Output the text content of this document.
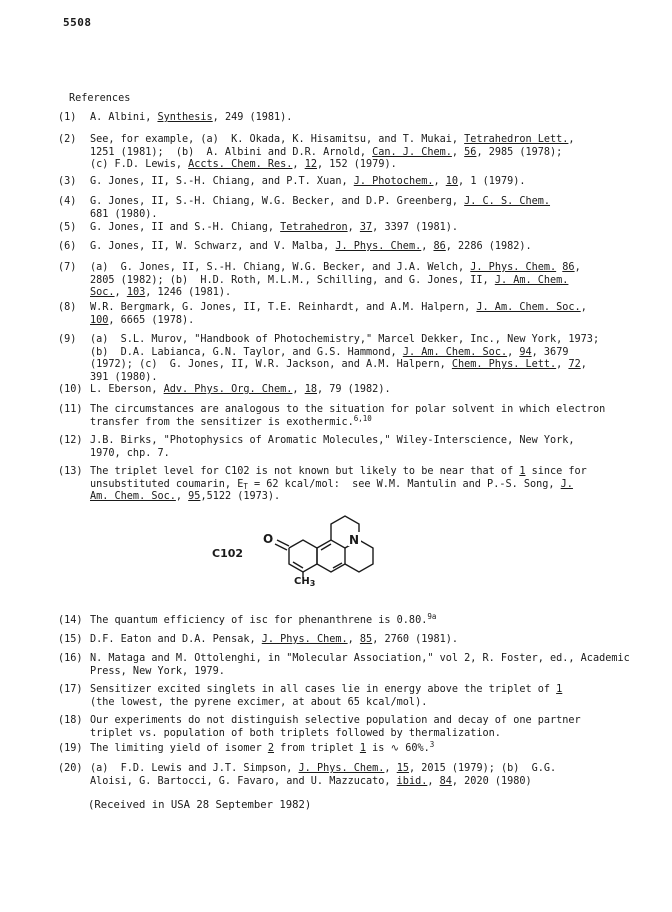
5508
References
(1)	A. Albini, Synthesis, 249 (1981).
(2)	See, for example, (a)  K. Okada, K. Hisamitsu, and T. Mukai, Tetrahedron Lett.,
1251 (1981);  (b)  A. Albini and D.R. Arnold, Can. J. Chem., 56, 2985 (1978);
(c) F.D. Lewis, Accts. Chem. Res., 12, 152 (1979).
(3)	G. Jones, II, S.-H. Chiang, and P.T. Xuan, J. Photochem., 10, 1 (1979).
(4)	G. Jones, II, S.-H. Chiang, W.G. Becker, and D.P. Greenberg, J. C. S. Chem.
681 (1980).
(5)	G. Jones, II and S.-H. Chiang, Tetrahedron, 37, 3397 (1981).
(6)	G. Jones, II, W. Schwarz, and V. Malba, J. Phys. Chem., 86, 2286 (1982).
(7)	(a)  G. Jones, II, S.-H. Chiang, W.G. Becker, and J.A. Welch, J. Phys. Chem. 86,
2805 (1982); (b)  H.D. Roth, M.L.M., Schilling, and G. Jones, II, J. Am. Chem.
Soc., 103, 1246 (1981).
(8)	W.R. Bergmark, G. Jones, II, T.E. Reinhardt, and A.M. Halpern, J. Am. Chem. Soc.,
100, 6665 (1978).
(9)	(a)  S.L. Murov, "Handbook of Photochemistry," Marcel Dekker, Inc., New York, 1973;
(b)  D.A. Labianca, G.N. Taylor, and G.S. Hammond, J. Am. Chem. Soc., 94, 3679
(1972); (c)  G. Jones, II, W.R. Jackson, and A.M. Halpern, Chem. Phys. Lett., 72,
391 (1980).
(10) L. Eberson, Adv. Phys. Org. Chem., 18, 79 (1982).
(11) The circumstances are analogous to the situation for polar solvent in which electron
transfer from the sensitizer is exothermic.$^{6,10}$
(12) J.B. Birks, "Photophysics of Aromatic Molecules," Wiley-Interscience, New York,
1970, chp. 7.
(13) The triplet level for C102 is not known but likely to be near that of 1 since for
unsubstituted coumarin, $E_T = 62$ kcal/mol:  see W.M. Mantulin and P.-S. Song, J.
Am. Chem. Soc., 95,5122 (1973).
(14) The quantum efficiency of isc for phenanthrene is 0.80.$^{9a}$
(15) D.F. Eaton and D.A. Pensak, J. Phys. Chem., 85, 2760 (1981).
(16) N. Mataga and M. Ottolenghi, in "Molecular Association," vol 2, R. Foster, ed., Academic
Press, New York, 1979.
(17) Sensitizer excited singlets in all cases lie in energy above the triplet of 1
(the lowest, the pyrene excimer, at about 65 kcal/mol).
(18) Our experiments do not distinguish selective population and decay of one partner
triplet vs. population of both triplets followed by thermalization.
(19) The limiting yield of isomer 2 from triplet 1 is ∿ 60%.$^3$
(20) (a)  F.D. Lewis and J.T. Simpson, J. Phys. Chem., 15, 2015 (1979); (b)  G.G.
Aloisi, G. Bartocci, G. Favaro, and U. Mazzucato, ibid., 84, 2020 (1980)
C102
O	N
$CH_3$
(Received in USA 28 September 1982)
